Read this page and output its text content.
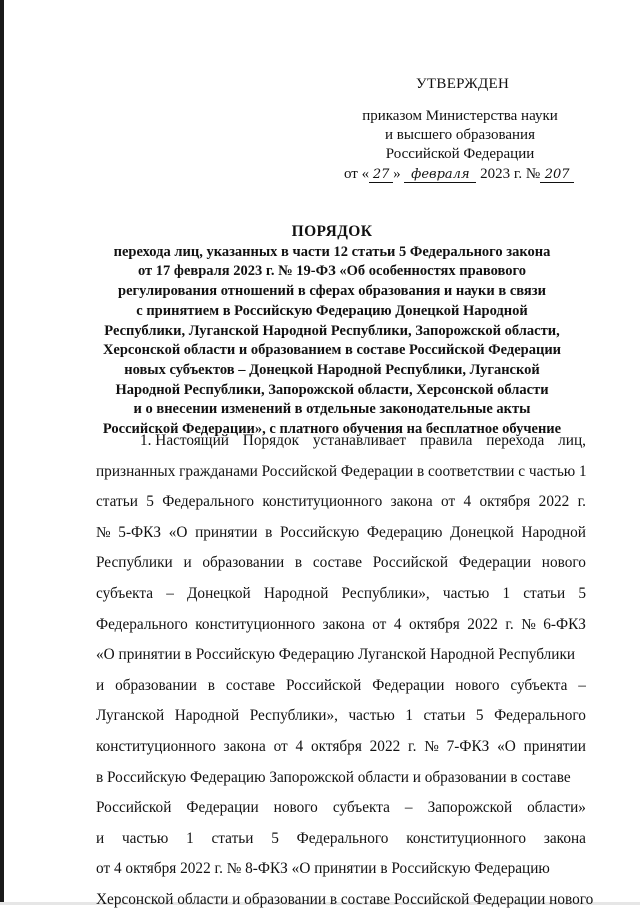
УТВЕРЖДЕН
приказом Министерства науки
и высшего образования
Российской Федерации
от « 27 » февраля 2023 г. № 207
ПОРЯДОК
перехода лиц, указанных в части 12 статьи 5 Федерального закона
от 17 февраля 2023 г. № 19-ФЗ «Об особенностях правового
регулирования отношений в сферах образования и науки в связи
с принятием в Российскую Федерацию Донецкой Народной
Республики, Луганской Народной Республики, Запорожской области,
Херсонской области и образованием в составе Российской Федерации
новых субъектов – Донецкой Народной Республики, Луганской
Народной Республики, Запорожской области, Херсонской области
и о внесении изменений в отдельные законодательные акты
Российской Федерации», с платного обучения на бесплатное обучение
1. Настоящий Порядок устанавливает правила перехода лиц,
признанных гражданами Российской Федерации в соответствии с частью 1
статьи 5 Федерального конституционного закона от 4 октября 2022 г.
№ 5-ФКЗ «О принятии в Российскую Федерацию Донецкой Народной
Республики и образовании в составе Российской Федерации нового
субъекта – Донецкой Народной Республики», частью 1 статьи 5
Федерального конституционного закона от 4 октября 2022 г. № 6-ФКЗ
«О принятии в Российскую Федерацию Луганской Народной Республики
и образовании в составе Российской Федерации нового субъекта –
Луганской Народной Республики», частью 1 статьи 5 Федерального
конституционного закона от 4 октября 2022 г. № 7-ФКЗ «О принятии
в Российскую Федерацию Запорожской области и образовании в составе
Российской Федерации нового субъекта – Запорожской области»
и частью 1 статьи 5 Федерального конституционного закона
от 4 октября 2022 г. № 8-ФКЗ «О принятии в Российскую Федерацию
Херсонской области и образовании в составе Российской Федерации нового
